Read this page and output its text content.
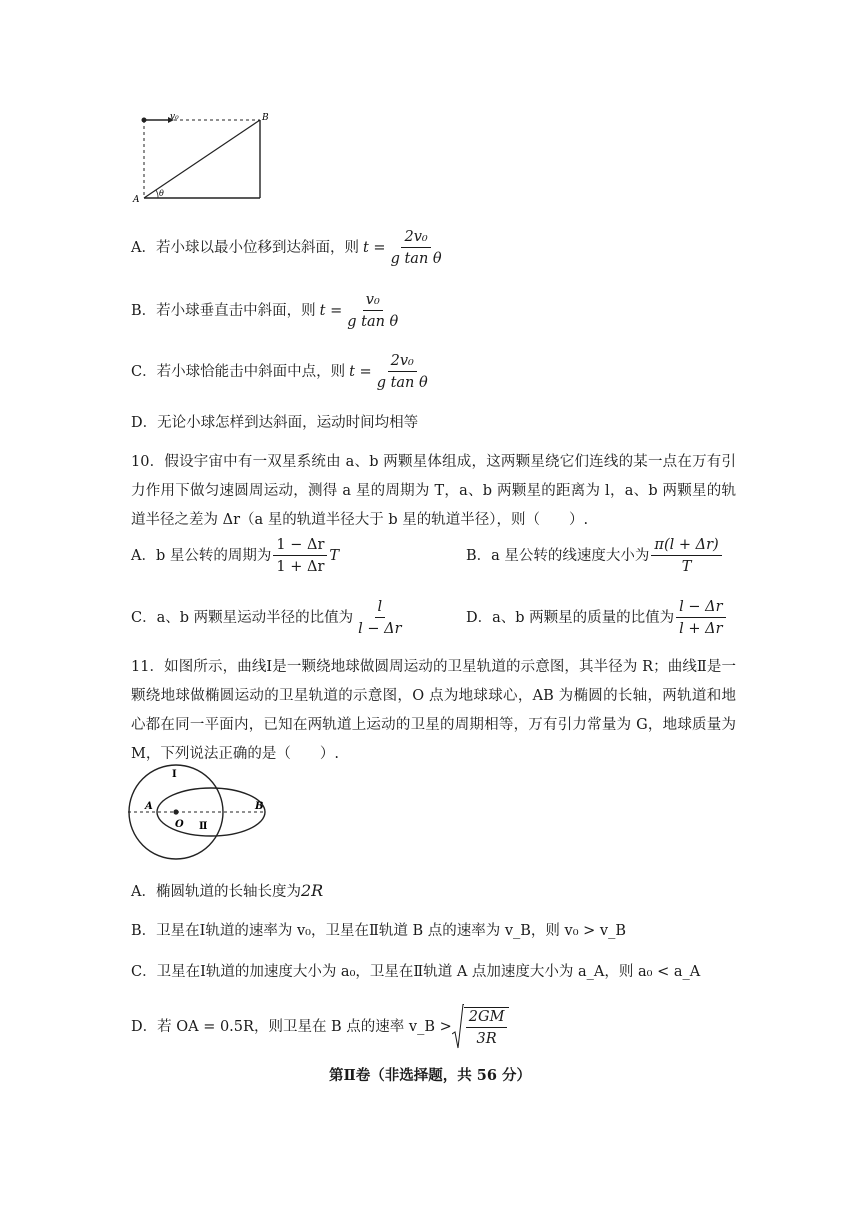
v₀	B
A
θ
A．若小球以最小位移到达斜面，则 $t = \frac{\text{2v₀}}{\text{g tan θ}}$
B．若小球垂直击中斜面，则 $t = \frac{\text{v₀}}{\text{g tan θ}}$
C．若小球恰能击中斜面中点，则 $t = \frac{\text{2v₀}}{\text{g tan θ}}$
D．无论小球怎样到达斜面，运动时间均相等
10．假设宇宙中有一双星系统由 a、b 两颗星体组成，这两颗星绕它们连线的某一点在万有引力作用下做匀速圆周运动，测得 a 星的周期为 T，a、b 两颗星的距离为 l，a、b 两颗星的轨道半径之差为 Δr（a 星的轨道半径大于 b 星的轨道半径），则（　　）.
A．b 星公转的周期为 $\frac{1 - \Delta r}{1 + \Delta r}$ T	B．a 星公转的线速度大小为 $\frac{\pi(l + \Delta r)}{T}$
C．a、b 两颗星运动半径的比值为 $\frac{l}{l - \Delta r}$	D．a、b 两颗星的质量的比值为 $\frac{l - \Delta r}{l + \Delta r}$
11．如图所示，曲线Ⅰ是一颗绕地球做圆周运动的卫星轨道的示意图，其半径为 R；曲线Ⅱ是一颗绕地球做椭圆运动的卫星轨道的示意图，O 点为地球球心，AB 为椭圆的长轴，两轨道和地心都在同一平面内，已知在两轨道上运动的卫星的周期相等，万有引力常量为 G，地球质量为 M，下列说法正确的是（　　）.
Ⅰ
Ⅱ
A	B
O
A．椭圆轨道的长轴长度为2R
B．卫星在Ⅰ轨道的速率为 v₀，卫星在Ⅱ轨道 B 点的速率为 v_B，则 v₀ > v_B
C．卫星在Ⅰ轨道的加速度大小为 a₀，卫星在Ⅱ轨道 A 点加速度大小为 a_A，则 a₀ < a_A
D．若 OA = 0.5R，则卫星在 B 点的速率 v_B > $\frac{2GM}{3R}$
第Ⅱ卷（非选择题，共 56 分）
